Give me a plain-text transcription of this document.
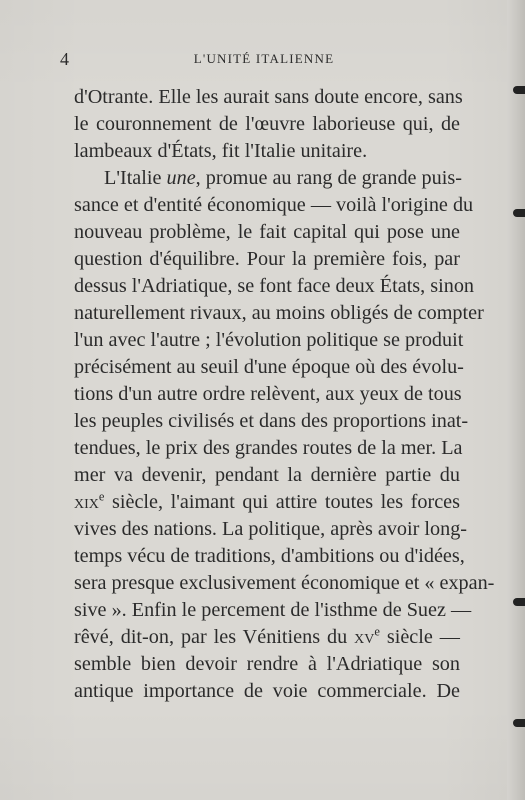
4	L'UNITÉ ITALIENNE
d'Otrante. Elle les aurait sans doute encore, sans
le couronnement de l'œuvre laborieuse qui, de
lambeaux d'États, fit l'Italie unitaire.
L'Italie une, promue au rang de grande puis-
sance et d'entité économique — voilà l'origine du
nouveau problème, le fait capital qui pose une
question d'équilibre. Pour la première fois, par
dessus l'Adriatique, se font face deux États, sinon
naturellement rivaux, au moins obligés de compter
l'un avec l'autre ; l'évolution politique se produit
précisément au seuil d'une époque où des évolu-
tions d'un autre ordre relèvent, aux yeux de tous
les peuples civilisés et dans des proportions inat-
tendues, le prix des grandes routes de la mer. La
mer va devenir, pendant la dernière partie du
xix$^e$ siècle, l'aimant qui attire toutes les forces
vives des nations. La politique, après avoir long-
temps vécu de traditions, d'ambitions ou d'idées,
sera presque exclusivement économique et « expan-
sive ». Enfin le percement de l'isthme de Suez —
rêvé, dit-on, par les Vénitiens du $xv^e$ siècle —
semble bien devoir rendre à l'Adriatique son
antique importance de voie commerciale. De
